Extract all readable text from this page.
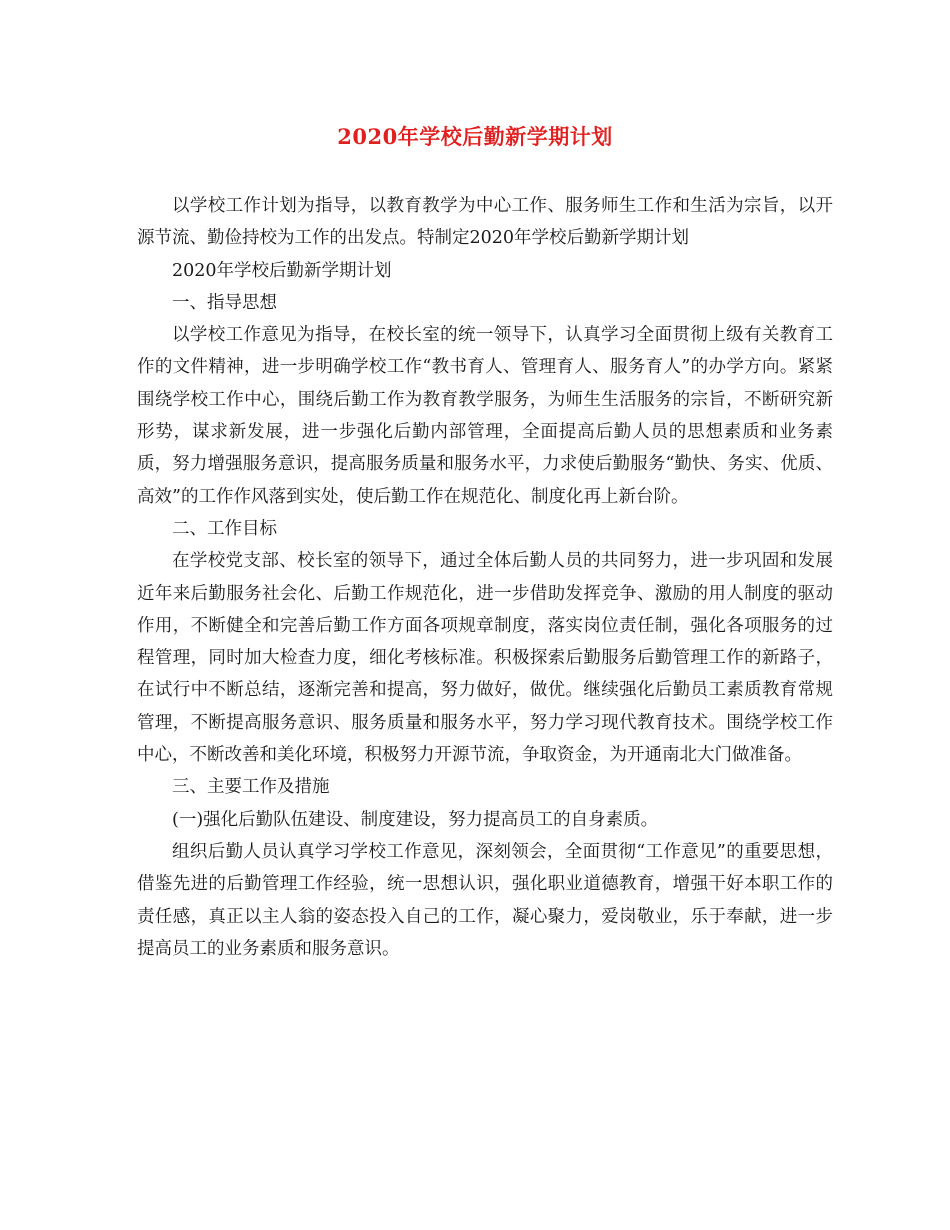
2020年学校后勤新学期计划

以学校工作计划为指导，以教育教学为中心工作、服务师生工作和生活为宗旨，以开源节流、勤俭持校为工作的出发点。特制定2020年学校后勤新学期计划

2020年学校后勤新学期计划

一、指导思想

以学校工作意见为指导，在校长室的统一领导下，认真学习全面贯彻上级有关教育工作的文件精神，进一步明确学校工作“教书育人、管理育人、服务育人”的办学方向。紧紧围绕学校工作中心，围绕后勤工作为教育教学服务，为师生生活服务的宗旨，不断研究新形势，谋求新发展，进一步强化后勤内部管理，全面提高后勤人员的思想素质和业务素质，努力增强服务意识，提高服务质量和服务水平，力求使后勤服务“勤快、务实、优质、高效”的工作作风落到实处，使后勤工作在规范化、制度化再上新台阶。

二、工作目标

在学校党支部、校长室的领导下，通过全体后勤人员的共同努力，进一步巩固和发展近年来后勤服务社会化、后勤工作规范化，进一步借助发挥竞争、激励的用人制度的驱动作用，不断健全和完善后勤工作方面各项规章制度，落实岗位责任制，强化各项服务的过程管理，同时加大检查力度，细化考核标准。积极探索后勤服务后勤管理工作的新路子，在试行中不断总结，逐渐完善和提高，努力做好，做优。继续强化后勤员工素质教育常规管理，不断提高服务意识、服务质量和服务水平，努力学习现代教育技术。围绕学校工作中心，不断改善和美化环境，积极努力开源节流，争取资金，为开通南北大门做准备。

三、主要工作及措施

(一)强化后勤队伍建设、制度建设，努力提高员工的自身素质。

组织后勤人员认真学习学校工作意见，深刻领会，全面贯彻“工作意见”的重要思想，借鉴先进的后勤管理工作经验，统一思想认识，强化职业道德教育，增强干好本职工作的责任感，真正以主人翁的姿态投入自己的工作，凝心聚力，爱岗敬业，乐于奉献，进一步提高员工的业务素质和服务意识。
